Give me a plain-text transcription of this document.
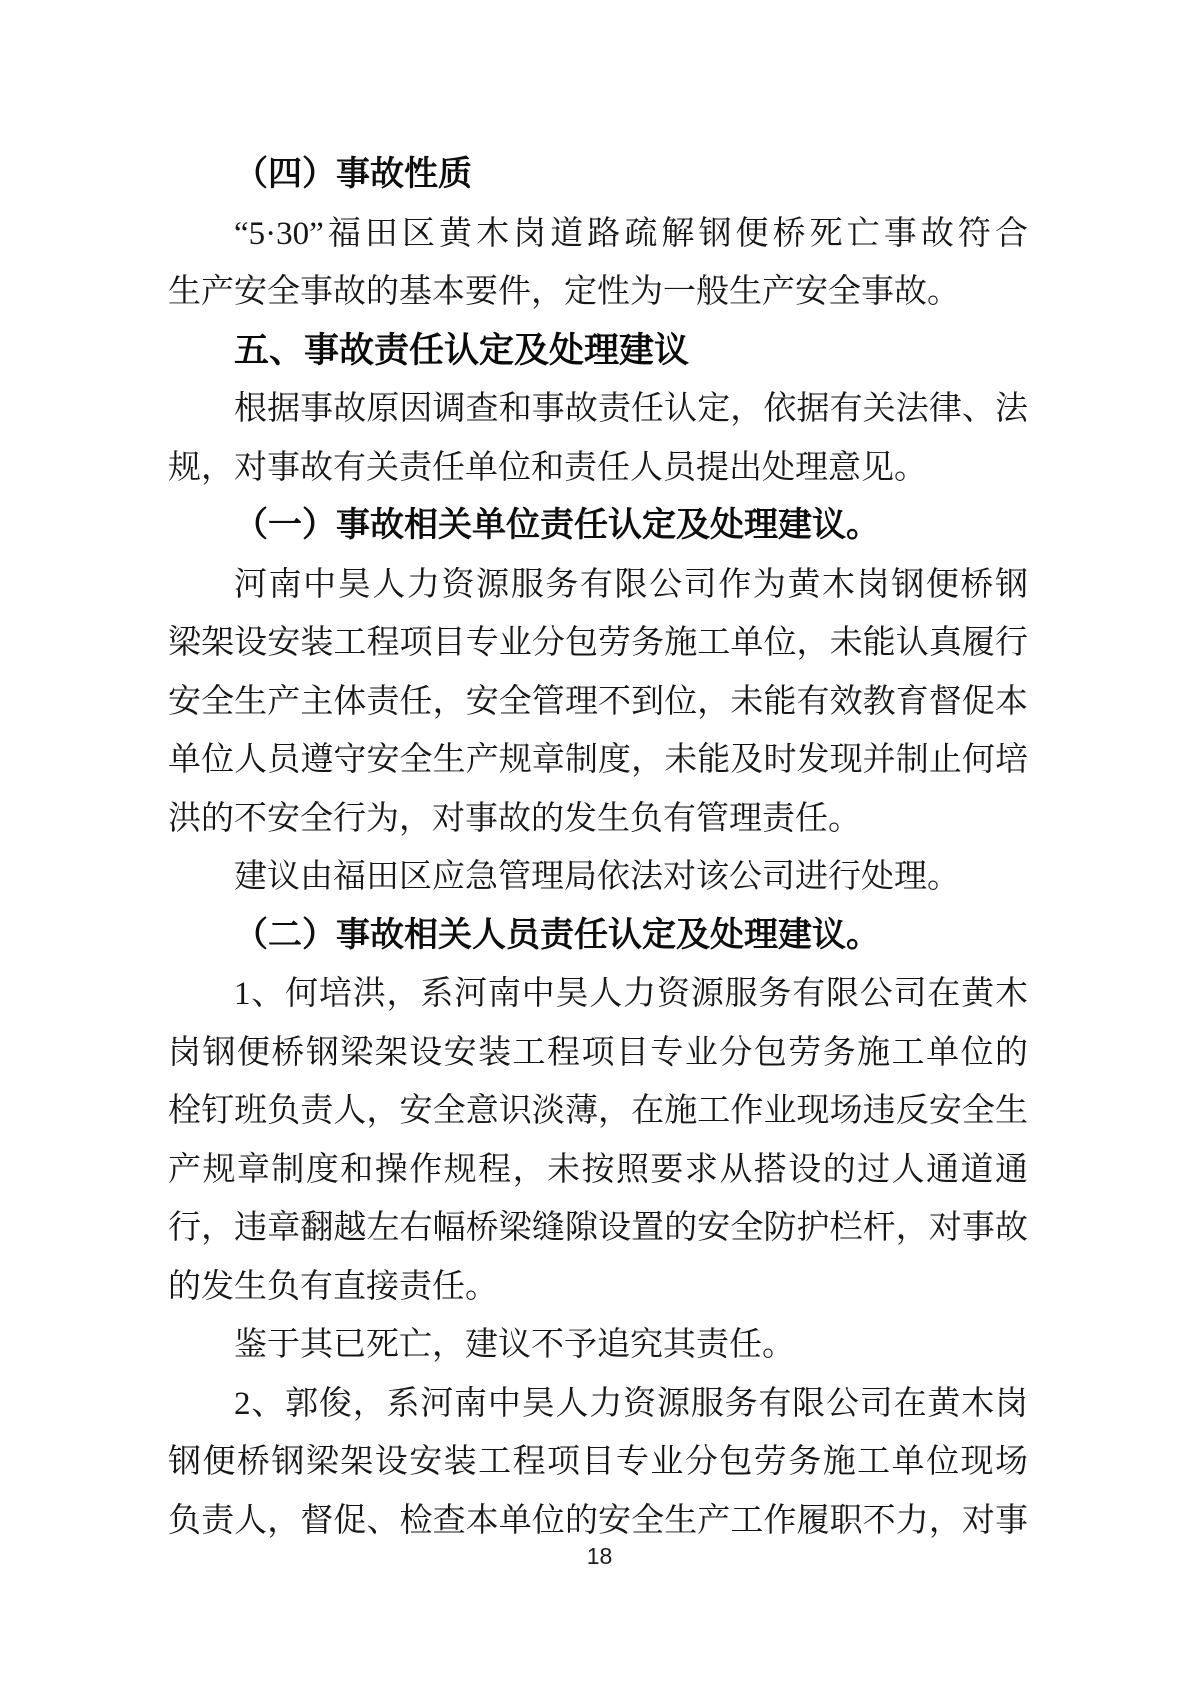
（四）事故性质
“5·30”福田区黄木岗道路疏解钢便桥死亡事故符合
生产安全事故的基本要件，定性为一般生产安全事故。
五、事故责任认定及处理建议
根据事故原因调查和事故责任认定，依据有关法律、法
规，对事故有关责任单位和责任人员提出处理意见。
（一）事故相关单位责任认定及处理建议。
河南中昊人力资源服务有限公司作为黄木岗钢便桥钢
梁架设安装工程项目专业分包劳务施工单位，未能认真履行
安全生产主体责任，安全管理不到位，未能有效教育督促本
单位人员遵守安全生产规章制度，未能及时发现并制止何培
洪的不安全行为，对事故的发生负有管理责任。
建议由福田区应急管理局依法对该公司进行处理。
（二）事故相关人员责任认定及处理建议。
1、何培洪，系河南中昊人力资源服务有限公司在黄木
岗钢便桥钢梁架设安装工程项目专业分包劳务施工单位的
栓钉班负责人，安全意识淡薄，在施工作业现场违反安全生
产规章制度和操作规程，未按照要求从搭设的过人通道通
行，违章翻越左右幅桥梁缝隙设置的安全防护栏杆，对事故
的发生负有直接责任。
鉴于其已死亡，建议不予追究其责任。
2、郭俊，系河南中昊人力资源服务有限公司在黄木岗
钢便桥钢梁架设安装工程项目专业分包劳务施工单位现场
负责人，督促、检查本单位的安全生产工作履职不力，对事
18
